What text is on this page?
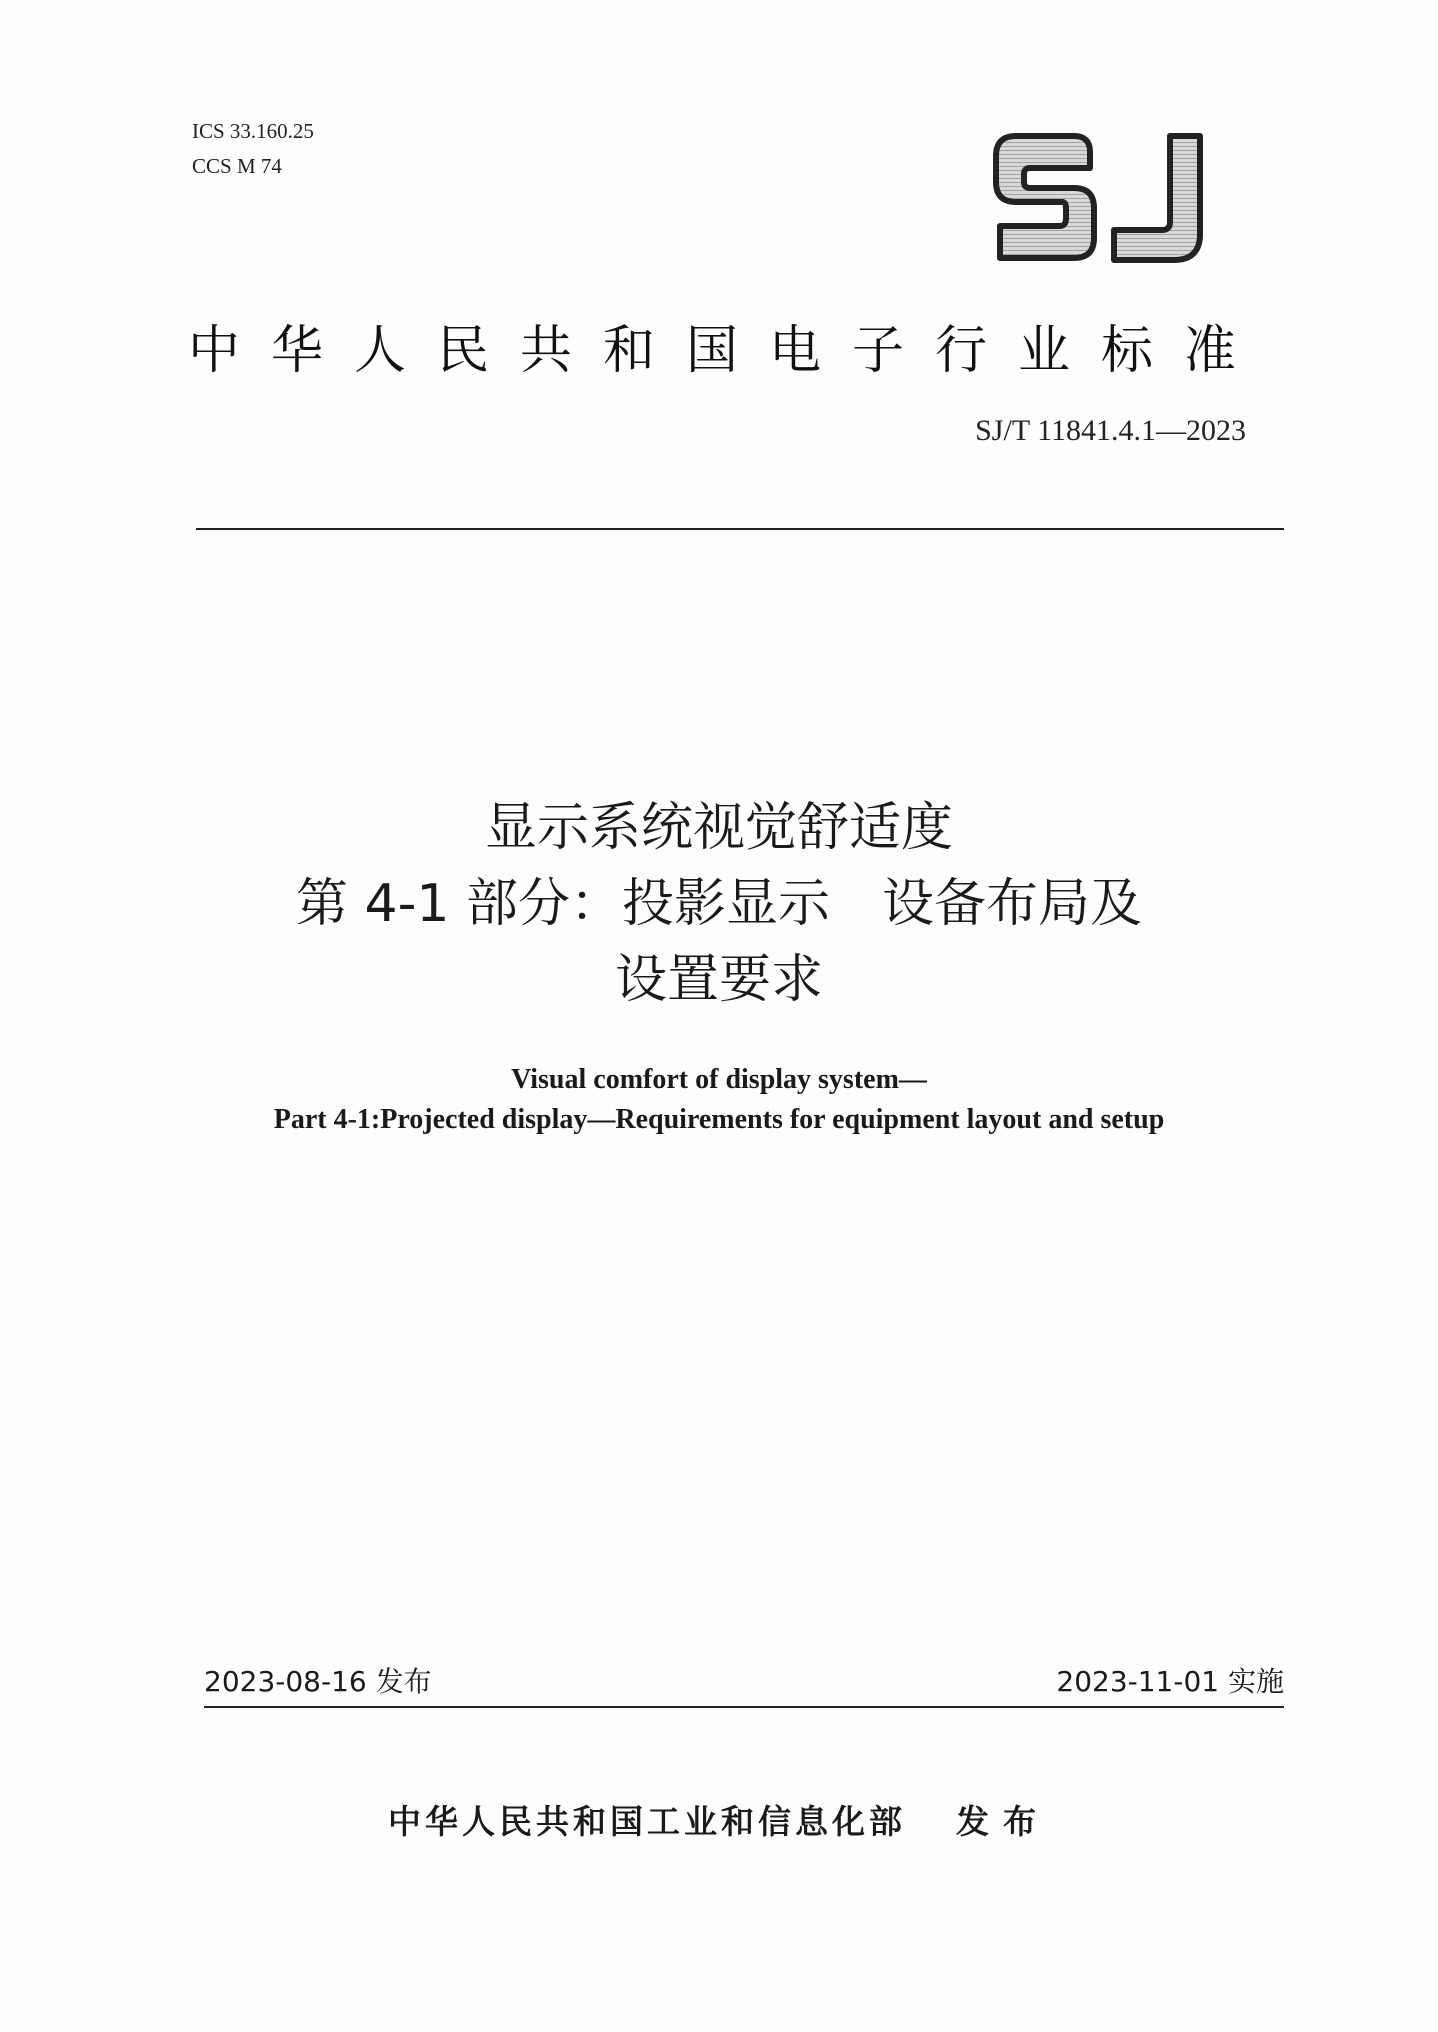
ICS 33.160.25
CCS M 74
SJ
中华人民共和国电子行业标准
SJ/T 11841.4.1—2023
显示系统视觉舒适度
第 4-1 部分：投影显示　设备布局及
设置要求
Visual comfort of display system—
Part 4-1:Projected display—Requirements for equipment layout and setup
2023-08-16 发布	2023-11-01 实施
中华人民共和国工业和信息化部 发布
